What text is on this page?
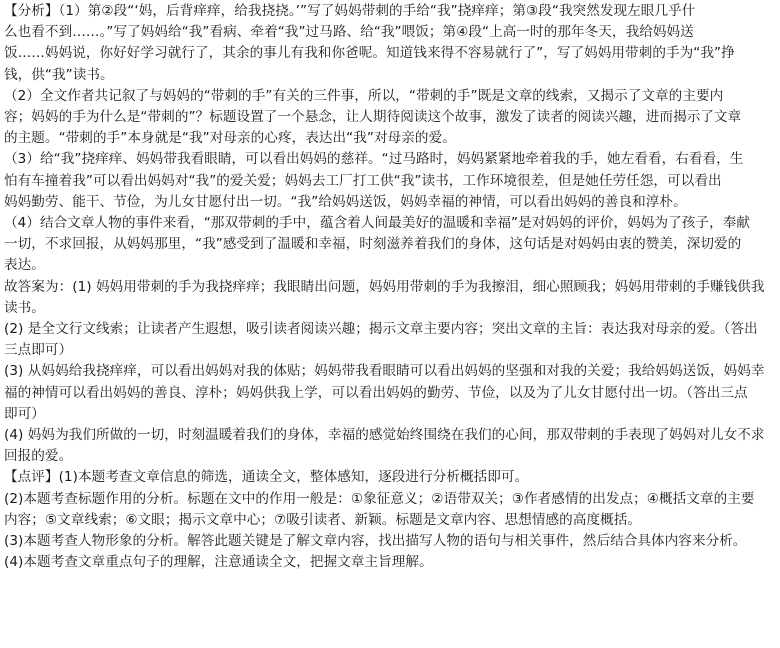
【分析】（1）第②段“‘妈，后背痒痒，给我挠挠。’”写了妈妈带刺的手给“我”挠痒痒；第③段“我突然发现左眼几乎什
么也看不到……。”写了妈妈给“我”看病、牵着“我”过马路、给“我”喂饭；第④段“上高一时的那年冬天，我给妈妈送
饭……妈妈说，你好好学习就行了，其余的事儿有我和你爸呢。知道钱来得不容易就行了”，写了妈妈用带刺的手为“我”挣
钱，供“我”读书。
（2）全文作者共记叙了与妈妈的“带刺的手”有关的三件事，所以，“带刺的手”既是文章的线索，又揭示了文章的主要内
容；妈妈的手为什么是“带刺的”？标题设置了一个悬念，让人期待阅读这个故事，激发了读者的阅读兴趣，进而揭示了文章
的主题。“带刺的手”本身就是“我”对母亲的心疼，表达出“我”对母亲的爱。
（3）给“我”挠痒痒、妈妈带我看眼睛，可以看出妈妈的慈祥。“过马路时，妈妈紧紧地牵着我的手，她左看看，右看看，生
怕有车撞着我”可以看出妈妈对“我”的爱关爱；妈妈去工厂打工供“我”读书，工作环境很差，但是她任劳任怨，可以看出
妈妈勤劳、能干、节俭，为儿女甘愿付出一切。“我”给妈妈送饭，妈妈幸福的神情，可以看出妈妈的善良和淳朴。
（4）结合文章人物的事件来看，“那双带刺的手中，蕴含着人间最美好的温暖和幸福”是对妈妈的评价，妈妈为了孩子，奉献
一切，不求回报，从妈妈那里，“我”感受到了温暖和幸福，时刻滋养着我们的身体，这句话是对妈妈由衷的赞美，深切爱的
表达。
故答案为：(1) 妈妈用带刺的手为我挠痒痒；我眼睛出问题，妈妈用带刺的手为我擦泪，细心照顾我；妈妈用带刺的手赚钱供我
读书。
(2) 是全文行文线索；让读者产生遐想，吸引读者阅读兴趣；揭示文章主要内容；突出文章的主旨：表达我对母亲的爱。（答出
三点即可）
(3) 从妈妈给我挠痒痒，可以看出妈妈对我的体贴；妈妈带我看眼睛可以看出妈妈的坚强和对我的关爱；我给妈妈送饭，妈妈幸
福的神情可以看出妈妈的善良、淳朴；妈妈供我上学，可以看出妈妈的勤劳、节俭，以及为了儿女甘愿付出一切。（答出三点
即可）
(4) 妈妈为我们所做的一切，时刻温暖着我们的身体，幸福的感觉始终围绕在我们的心间，那双带刺的手表现了妈妈对儿女不求
回报的爱。
【点评】(1)本题考查文章信息的筛选，通读全文，整体感知，逐段进行分析概括即可。
(2)本题考查标题作用的分析。标题在文中的作用一般是：①象征意义；②语带双关；③作者感情的出发点；④概括文章的主要
内容；⑤文章线索；⑥文眼；揭示文章中心；⑦吸引读者、新颖。标题是文章内容、思想情感的高度概括。
(3)本题考查人物形象的分析。解答此题关键是了解文章内容，找出描写人物的语句与相关事件，然后结合具体内容来分析。
(4)本题考查文章重点句子的理解，注意通读全文，把握文章主旨理解。
